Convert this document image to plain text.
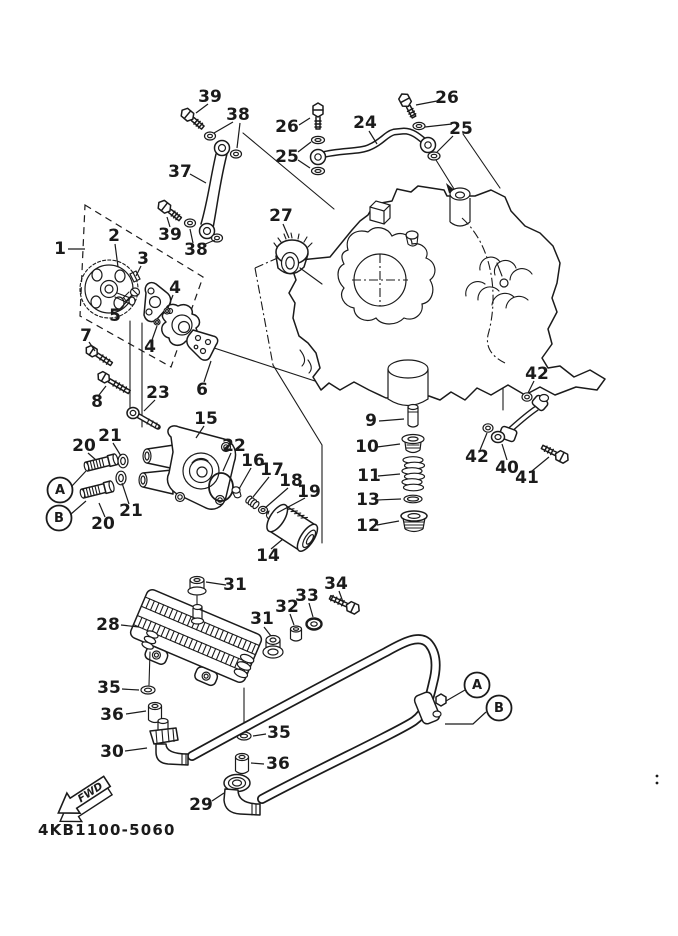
FWD
4KB1100-5060
1
2
3
4
4
5
6
7
8
9
10
11
13
12
14
15
16
17
18
19
20
20
21
21
22
23
24
25
26	25
26
27
28
29
30
31
31
32
33
34
35
35
36
36
37
38
38
39
39
40
41
42
42
A
B
A
B
